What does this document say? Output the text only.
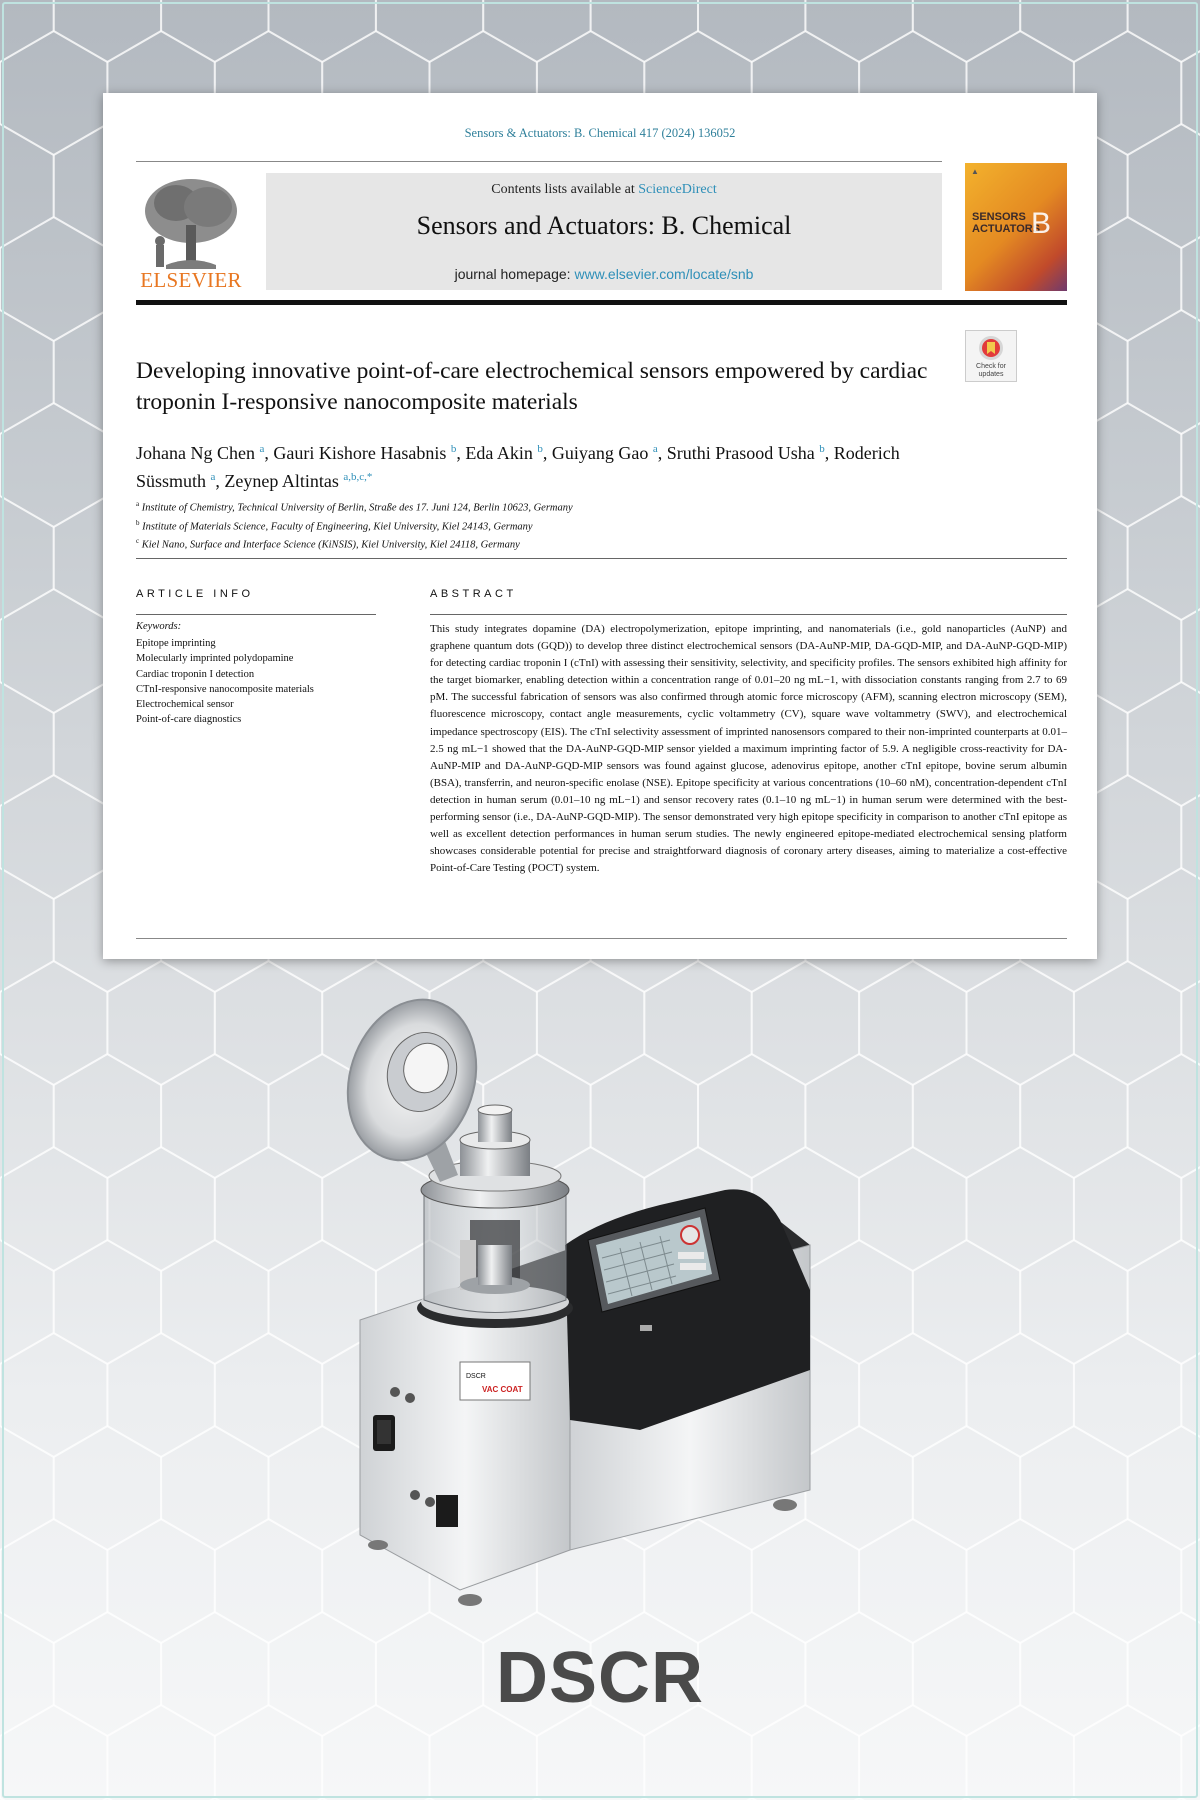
Sensors & Actuators: B. Chemical 417 (2024) 136052
ELSEVIER
Contents lists available at ScienceDirect
Sensors and Actuators: B. Chemical
journal homepage: www.elsevier.com/locate/snb
▲
SENSORS
ACTUATORS
B
Check for updates
Developing innovative point-of-care electrochemical sensors empowered by cardiac troponin I-responsive nanocomposite materials
Johana Ng Chen $^a$, Gauri Kishore Hasabnis $^b$, Eda Akin $^b$, Guiyang Gao $^a$, Sruthi Prasood Usha $^b$, Roderich Süssmuth $^a$, Zeynep Altintas $^{a,b,c,*}$
$^a$ Institute of Chemistry, Technical University of Berlin, Straße des 17. Juni 124, Berlin 10623, Germany
$^b$ Institute of Materials Science, Faculty of Engineering, Kiel University, Kiel 24143, Germany
$^c$ Kiel Nano, Surface and Interface Science (KiNSIS), Kiel University, Kiel 24118, Germany
ARTICLE INFO	ABSTRACT
Keywords:
Epitope imprinting
Molecularly imprinted polydopamine
Cardiac troponin I detection
CTnI-responsive nanocomposite materials
Electrochemical sensor
Point-of-care diagnostics
This study integrates dopamine (DA) electropolymerization, epitope imprinting, and nanomaterials (i.e., gold nanoparticles (AuNP) and graphene quantum dots (GQD)) to develop three distinct electrochemical sensors (DA-AuNP-MIP, DA-GQD-MIP, and DA-AuNP-GQD-MIP) for detecting cardiac troponin I (cTnI) with assessing their sensitivity, selectivity, and specificity profiles. The sensors exhibited high affinity for the target biomarker, enabling detection within a concentration range of 0.01–20 ng mL−1, with dissociation constants ranging from 2.7 to 69 pM. The successful fabrication of sensors was also confirmed through atomic force microscopy (AFM), scanning electron microscopy (SEM), fluorescence microscopy, contact angle measurements, cyclic voltammetry (CV), square wave voltammetry (SWV), and electrochemical impedance spectroscopy (EIS). The cTnI selectivity assessment of imprinted nanosensors compared to their non-imprinted counterparts at 0.01–2.5 ng mL−1 showed that the DA-AuNP-GQD-MIP sensor yielded a maximum imprinting factor of 5.9. A negligible cross-reactivity for DA-AuNP-MIP and DA-AuNP-GQD-MIP sensors was found against glucose, adenovirus epitope, another cTnI epitope, bovine serum albumin (BSA), transferrin, and neuron-specific enolase (NSE). Epitope specificity at various concentrations (10–60 nM), concentration-dependent cTnI detection in human serum (0.01–10 ng mL−1) and sensor recovery rates (0.1–10 ng mL−1) in human serum were determined with the best-performing sensor (i.e., DA-AuNP-GQD-MIP). The sensor demonstrated very high epitope specificity in comparison to another cTnI epitope as well as excellent detection performances in human serum studies. The newly engineered epitope-mediated electrochemical sensing platform showcases considerable potential for precise and straightforward diagnosis of coronary artery diseases, aiming to materialize a cost-effective Point-of-Care Testing (POCT) system.
DSCR
VAC COAT
DSCR
